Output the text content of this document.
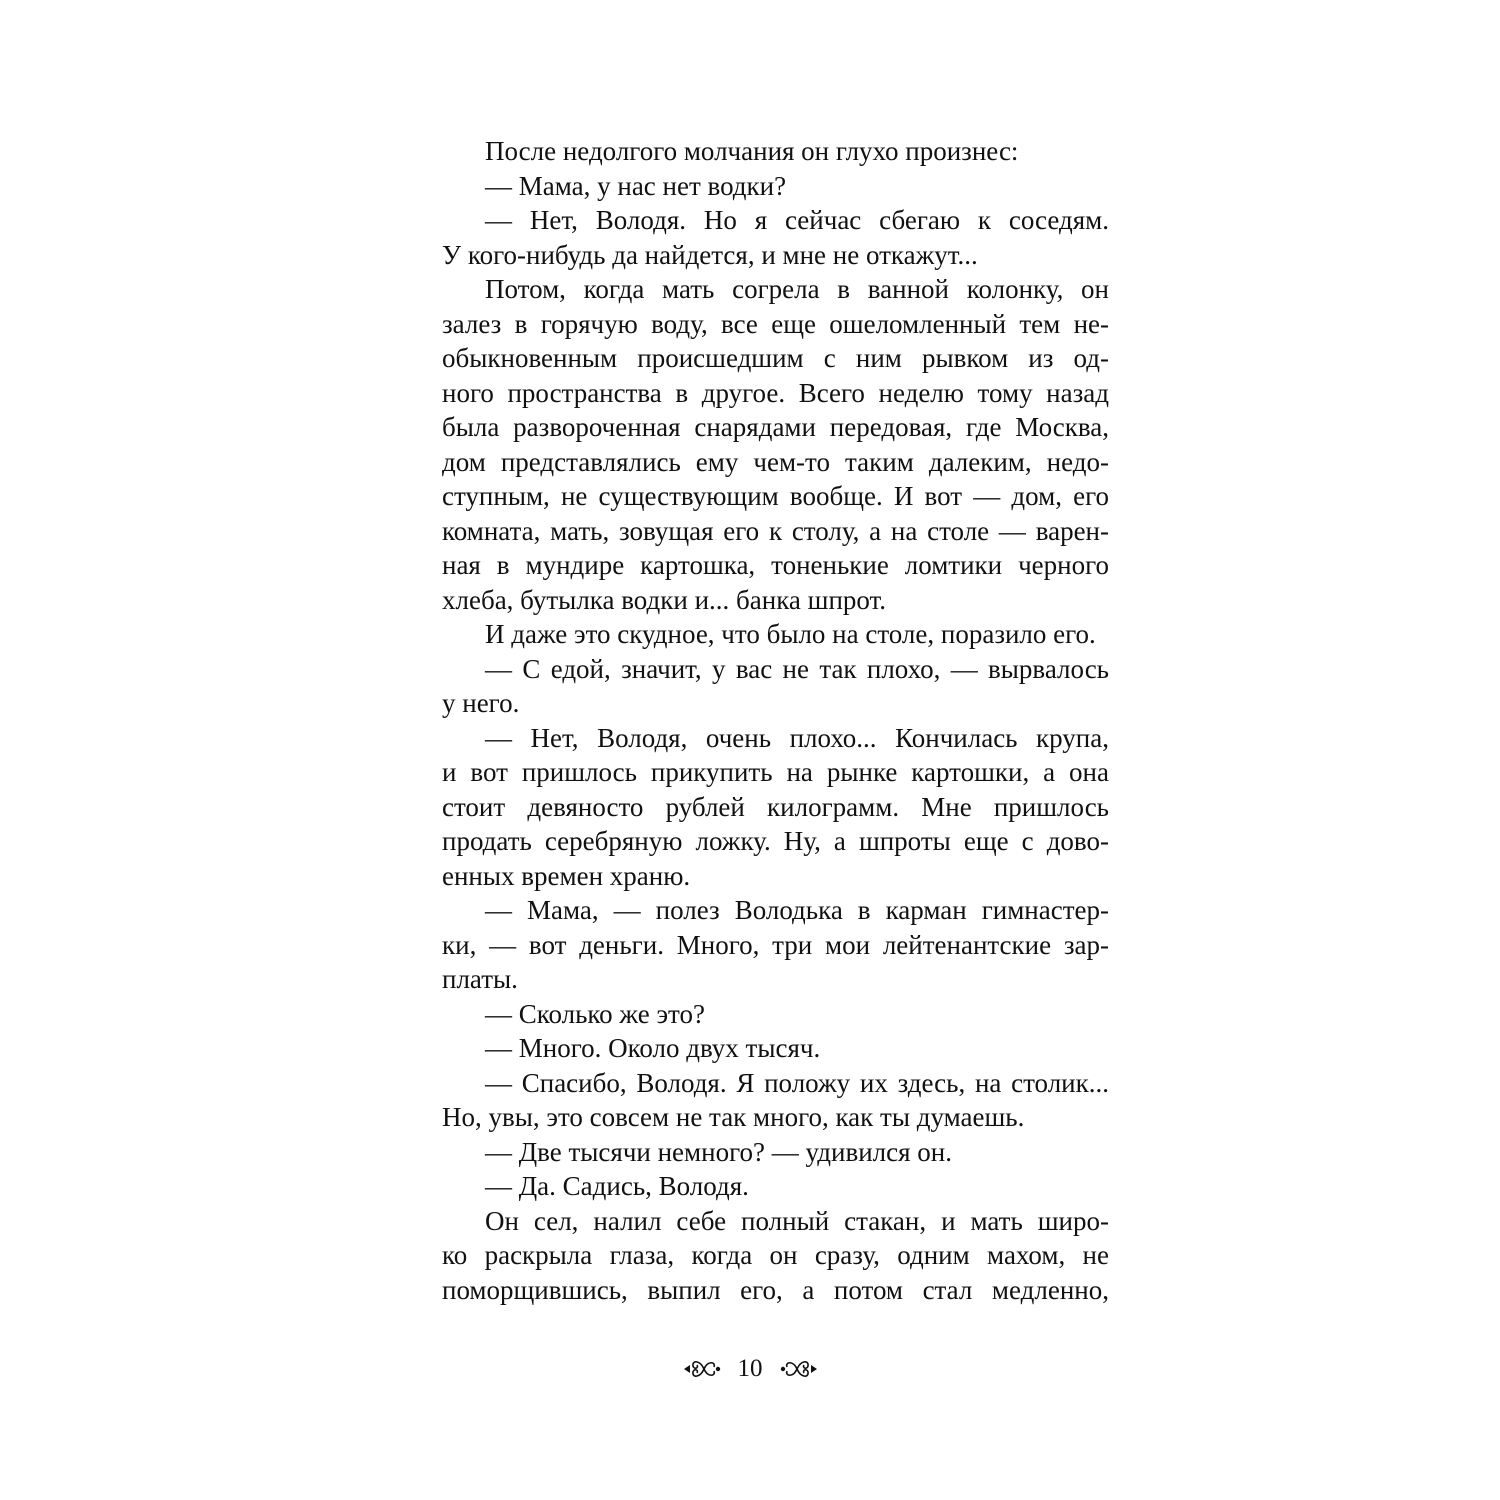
После недолгого молчания он глухо произнес:
— Мама, у нас нет водки?
— Нет, Володя. Но я сейчас сбегаю к соседям.
У кого-нибудь да найдется, и мне не откажут...
Потом, когда мать согрела в ванной колонку, он
залез в горячую воду, все еще ошеломленный тем не-
обыкновенным происшедшим с ним рывком из од-
ного пространства в другое. Всего неделю тому назад
была развороченная снарядами передовая, где Москва,
дом представлялись ему чем-то таким далеким, недо-
ступным, не существующим вообще. И вот — дом, его
комната, мать, зовущая его к столу, а на столе — варен-
ная в мундире картошка, тоненькие ломтики черного
хлеба, бутылка водки и... банка шпрот.
И даже это скудное, что было на столе, поразило его.
— С едой, значит, у вас не так плохо, — вырвалось
у него.
— Нет, Володя, очень плохо... Кончилась крупа,
и вот пришлось прикупить на рынке картошки, а она
стоит девяносто рублей килограмм. Мне пришлось
продать серебряную ложку. Ну, а шпроты еще с дово-
енных времен храню.
— Мама, — полез Володька в карман гимнастер-
ки, — вот деньги. Много, три мои лейтенантские зар-
платы.
— Сколько же это?
— Много. Около двух тысяч.
— Спасибо, Володя. Я положу их здесь, на столик...
Но, увы, это совсем не так много, как ты думаешь.
— Две тысячи немного? — удивился он.
— Да. Садись, Володя.
Он сел, налил себе полный стакан, и мать широ-
ко раскрыла глаза, когда он сразу, одним махом, не
поморщившись, выпил его, а потом стал медленно,
10
